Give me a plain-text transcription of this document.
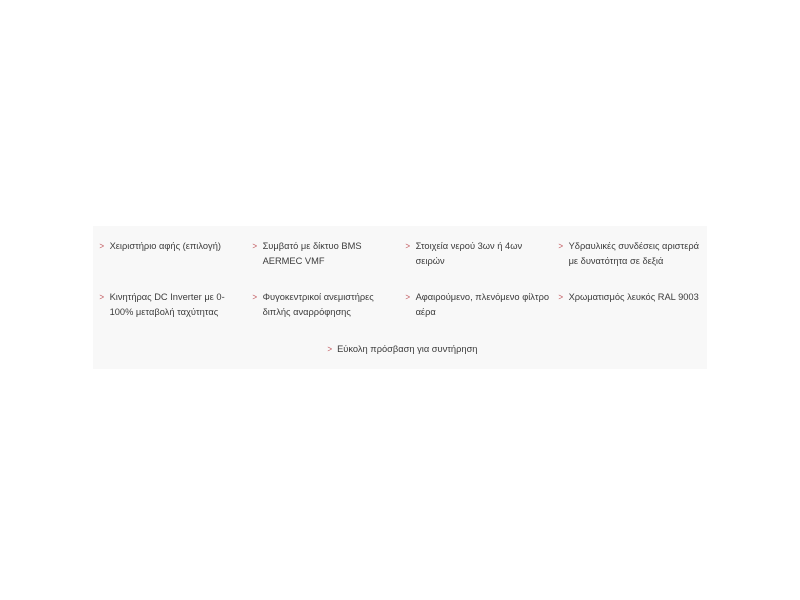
> Χειριστήριο αφής (επιλογή)	> Συμβατό με δίκτυο BMS AERMEC VMF
> Στοιχεία νερού 3ων ή 4ων σειρών
> Υδραυλικές συνδέσεις αριστερά με δυνατότητα σε δεξιά
> Κινητήρας DC Inverter με 0-100% μεταβολή ταχύτητας
> Φυγοκεντρικοί ανεμιστήρες διπλής αναρρόφησης
> Αφαιρούμενο, πλενόμενο φίλτρο αέρα
> Χρωματισμός λευκός RAL 9003
> Εύκολη πρόσβαση για συντήρηση
